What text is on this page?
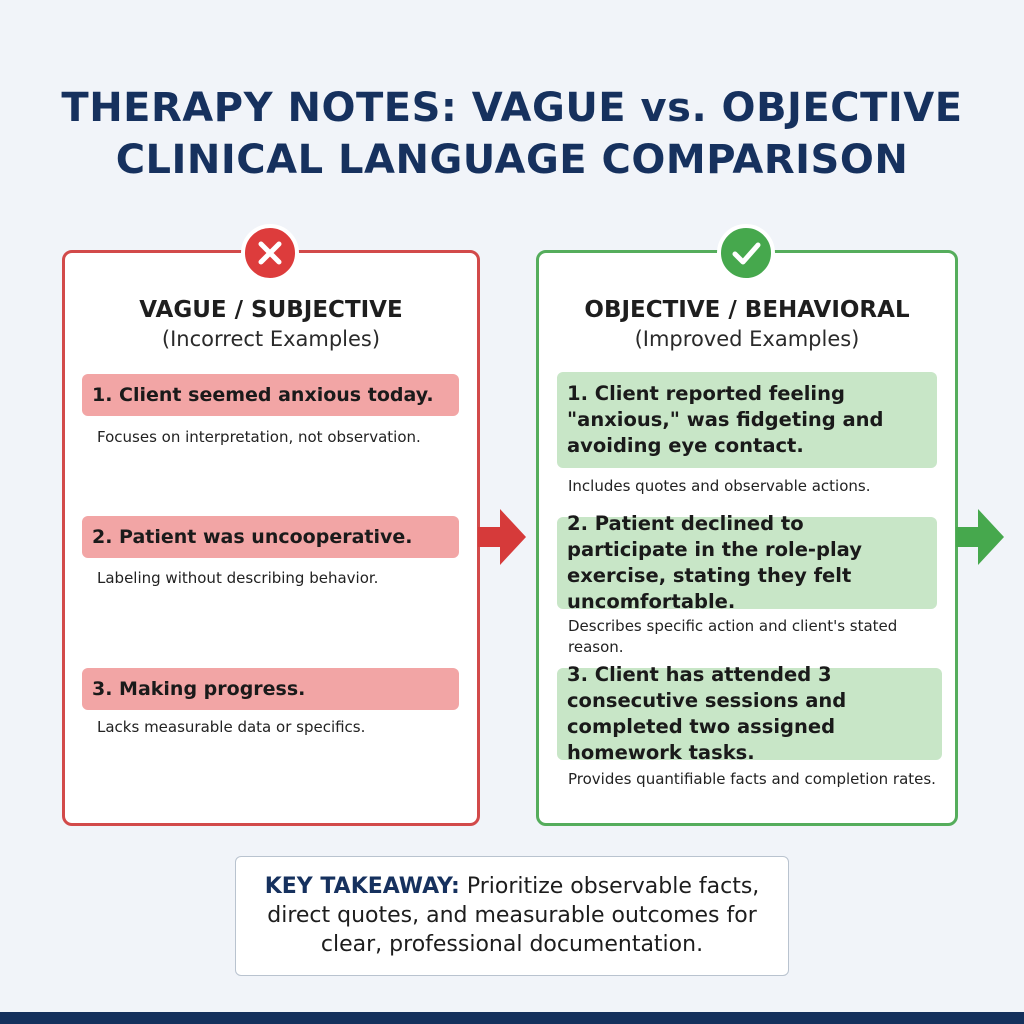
THERAPY NOTES: VAGUE vs. OBJECTIVE
CLINICAL LANGUAGE COMPARISON
VAGUE / SUBJECTIVE
(Incorrect Examples)
1. Client seemed anxious today.
Focuses on interpretation, not observation.
2. Patient was uncooperative.
Labeling without describing behavior.
3. Making progress.
Lacks measurable data or specifics.
OBJECTIVE / BEHAVIORAL
(Improved Examples)
1. Client reported feeling "anxious," was fidgeting and avoiding eye contact.
Includes quotes and observable actions.
2. Patient declined to participate in the role-play exercise, stating they felt uncomfortable.
Describes specific action and client's stated reason.
3. Client has attended 3 consecutive sessions and completed two assigned homework tasks.
Provides quantifiable facts and completion rates.
KEY TAKEAWAY: Prioritize observable facts, direct quotes, and measurable outcomes for clear, professional documentation.
